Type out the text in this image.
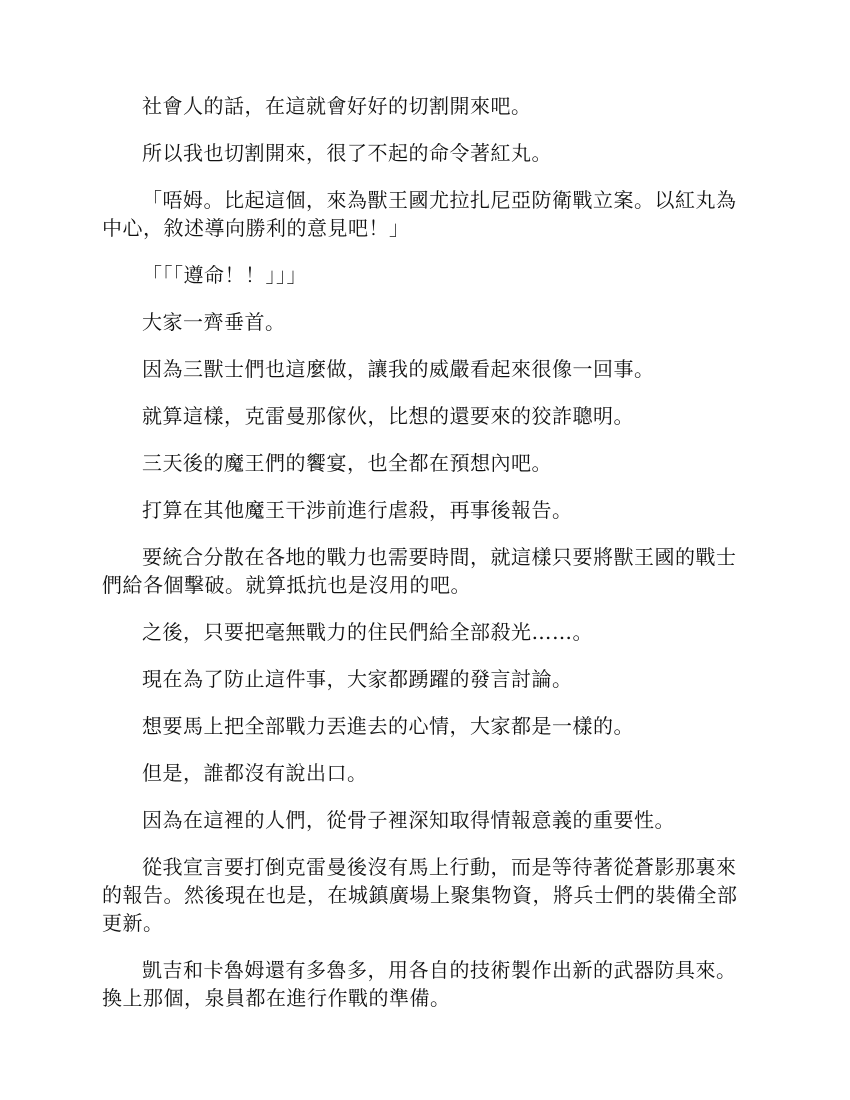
社會人的話，在這就會好好的切割開來吧。

所以我也切割開來，很了不起的命令著紅丸。

「唔姆。比起這個，來為獸王國尤拉扎尼亞防衛戰立案。以紅丸為中心，敘述導向勝利的意見吧！」

「「「遵命！！」」」

大家一齊垂首。

因為三獸士們也這麼做，讓我的威嚴看起來很像一回事。

就算這樣，克雷曼那傢伙，比想的還要來的狡詐聰明。

三天後的魔王們的饗宴，也全都在預想內吧。

打算在其他魔王干涉前進行虐殺，再事後報告。

要統合分散在各地的戰力也需要時間，就這樣只要將獸王國的戰士們給各個擊破。就算抵抗也是沒用的吧。

之後，只要把毫無戰力的住民們給全部殺光……。

現在為了防止這件事，大家都踴躍的發言討論。

想要馬上把全部戰力丟進去的心情，大家都是一樣的。

但是，誰都沒有說出口。

因為在這裡的人們，從骨子裡深知取得情報意義的重要性。

從我宣言要打倒克雷曼後沒有馬上行動，而是等待著從蒼影那裏來的報告。然後現在也是，在城鎮廣場上聚集物資，將兵士們的裝備全部更新。

凱吉和卡魯姆還有多魯多，用各自的技術製作出新的武器防具來。換上那個，泉員都在進行作戰的準備。
